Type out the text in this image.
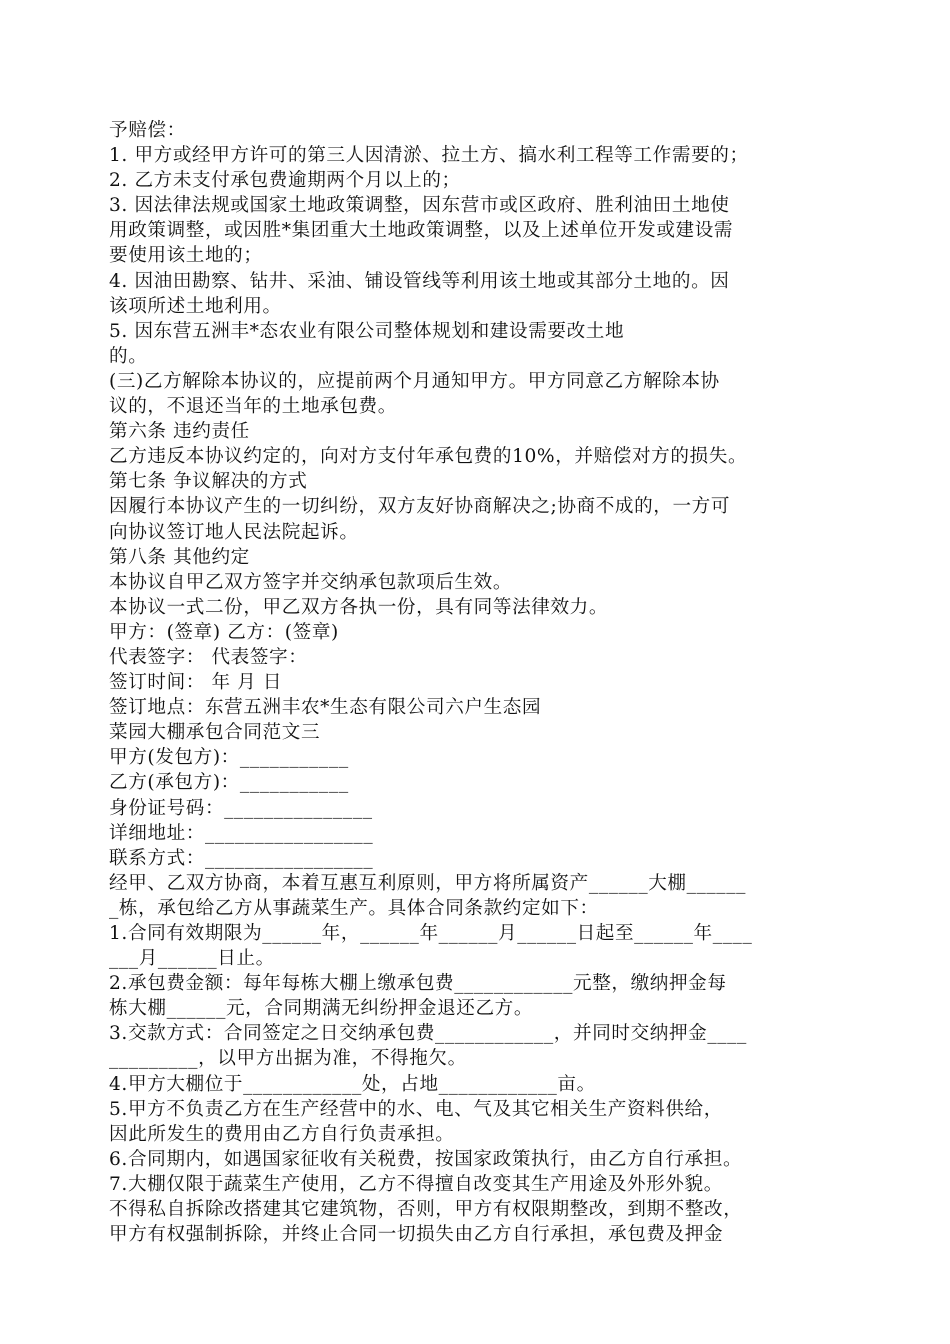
予赔偿：
1. 甲方或经甲方许可的第三人因清淤、拉土方、搞水利工程等工作需要的；
2. 乙方未支付承包费逾期两个月以上的；
3. 因法律法规或国家土地政策调整，因东营市或区政府、胜利油田土地使
用政策调整，或因胜*集团重大土地政策调整，以及上述单位开发或建设需
要使用该土地的；
4. 因油田勘察、钻井、采油、铺设管线等利用该土地或其部分土地的。因
该项所述土地利用。
5. 因东营五洲丰*态农业有限公司整体规划和建设需要改土地
的。
(三)乙方解除本协议的，应提前两个月通知甲方。甲方同意乙方解除本协
议的，不退还当年的土地承包费。
第六条 违约责任
乙方违反本协议约定的，向对方支付年承包费的10%，并赔偿对方的损失。
第七条 争议解决的方式
因履行本协议产生的一切纠纷，双方友好协商解决之;协商不成的，一方可
向协议签订地人民法院起诉。
第八条 其他约定
本协议自甲乙双方签字并交纳承包款项后生效。
本协议一式二份，甲乙双方各执一份，具有同等法律效力。
甲方：(签章) 乙方：(签章)
代表签字： 代表签字：
签订时间： 年 月 日
签订地点：东营五洲丰农*生态有限公司六户生态园
菜园大棚承包合同范文三
甲方(发包方)：___________
乙方(承包方)：___________
身份证号码：_______________
详细地址：_________________
联系方式：_________________
经甲、乙双方协商，本着互惠互利原则，甲方将所属资产______大棚______
_栋，承包给乙方从事蔬菜生产。具体合同条款约定如下：
1.合同有效期限为______年，______年______月______日起至______年____
___月______日止。
2.承包费金额：每年每栋大棚上缴承包费____________元整，缴纳押金每
栋大棚______元，合同期满无纠纷押金退还乙方。
3.交款方式：合同签定之日交纳承包费____________，并同时交纳押金____
_________，以甲方出据为准，不得拖欠。
4.甲方大棚位于____________处，占地____________亩。
5.甲方不负责乙方在生产经营中的水、电、气及其它相关生产资料供给，
因此所发生的费用由乙方自行负责承担。
6.合同期内，如遇国家征收有关税费，按国家政策执行，由乙方自行承担。
7.大棚仅限于蔬菜生产使用，乙方不得擅自改变其生产用途及外形外貌。
不得私自拆除改搭建其它建筑物，否则，甲方有权限期整改，到期不整改，
甲方有权强制拆除，并终止合同一切损失由乙方自行承担，承包费及押金
